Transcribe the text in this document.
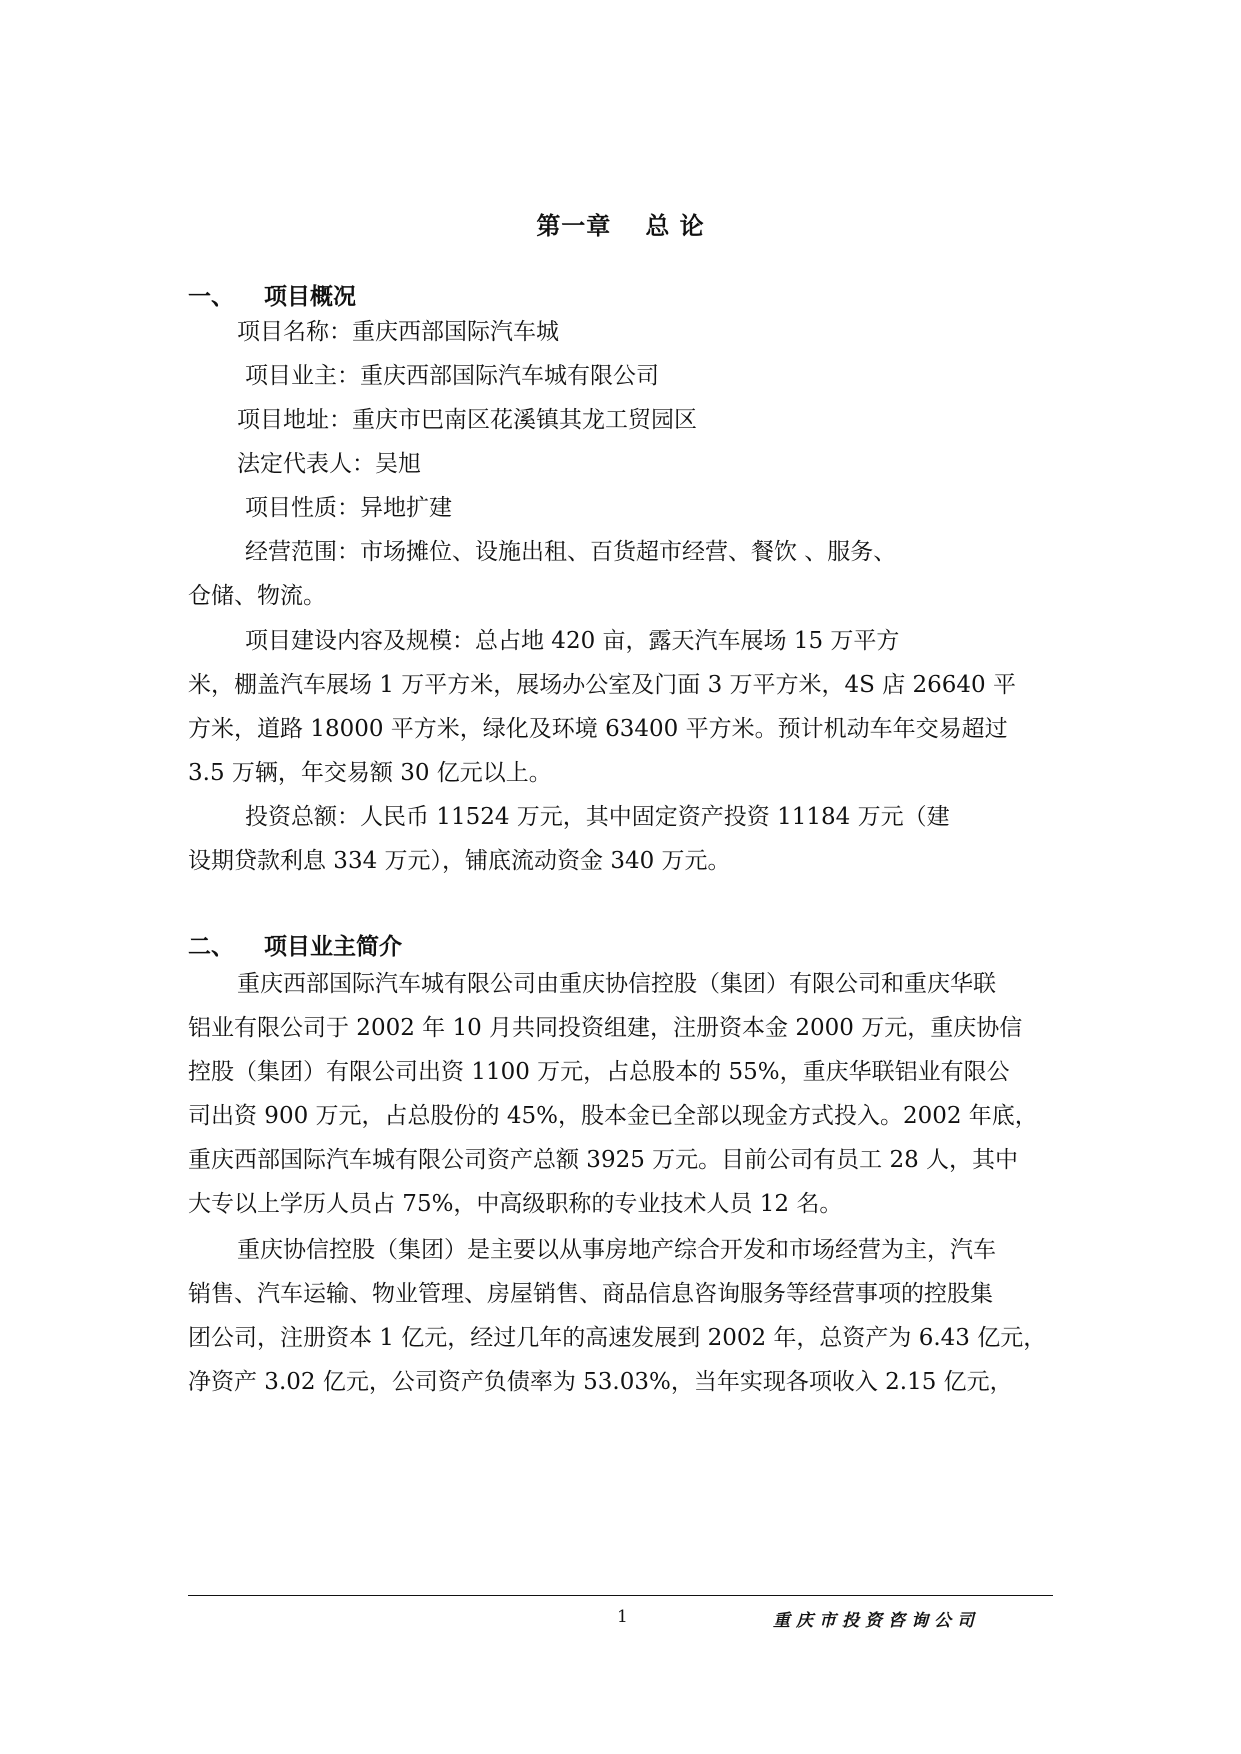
第一章 总 论
一、 项目概况
项目名称：重庆西部国际汽车城
项目业主：重庆西部国际汽车城有限公司
项目地址：重庆市巴南区花溪镇其龙工贸园区
法定代表人：吴旭
项目性质：异地扩建
经营范围：市场摊位、设施出租、百货超市经营、餐饮 、服务、
仓储、物流。
项目建设内容及规模：总占地 420 亩，露天汽车展场 15 万平方
米，棚盖汽车展场 1 万平方米，展场办公室及门面 3 万平方米，4S 店 26640 平
方米，道路 18000 平方米，绿化及环境 63400 平方米。预计机动车年交易超过
3.5 万辆，年交易额 30 亿元以上。
投资总额：人民币 11524 万元，其中固定资产投资 11184 万元（建
设期贷款利息 334 万元），铺底流动资金 340 万元。
二、 项目业主简介
重庆西部国际汽车城有限公司由重庆协信控股（集团）有限公司和重庆华联
铝业有限公司于 2002 年 10 月共同投资组建，注册资本金 2000 万元，重庆协信
控股（集团）有限公司出资 1100 万元，占总股本的 55%，重庆华联铝业有限公
司出资 900 万元，占总股份的 45%，股本金已全部以现金方式投入。2002 年底，
重庆西部国际汽车城有限公司资产总额 3925 万元。目前公司有员工 28 人，其中
大专以上学历人员占 75%，中高级职称的专业技术人员 12 名。
重庆协信控股（集团）是主要以从事房地产综合开发和市场经营为主，汽车
销售、汽车运输、物业管理、房屋销售、商品信息咨询服务等经营事项的控股集
团公司，注册资本 1 亿元，经过几年的高速发展到 2002 年，总资产为 6.43 亿元，
净资产 3.02 亿元，公司资产负债率为 53.03%，当年实现各项收入 2.15 亿元，
1	重庆市投资咨询公司
